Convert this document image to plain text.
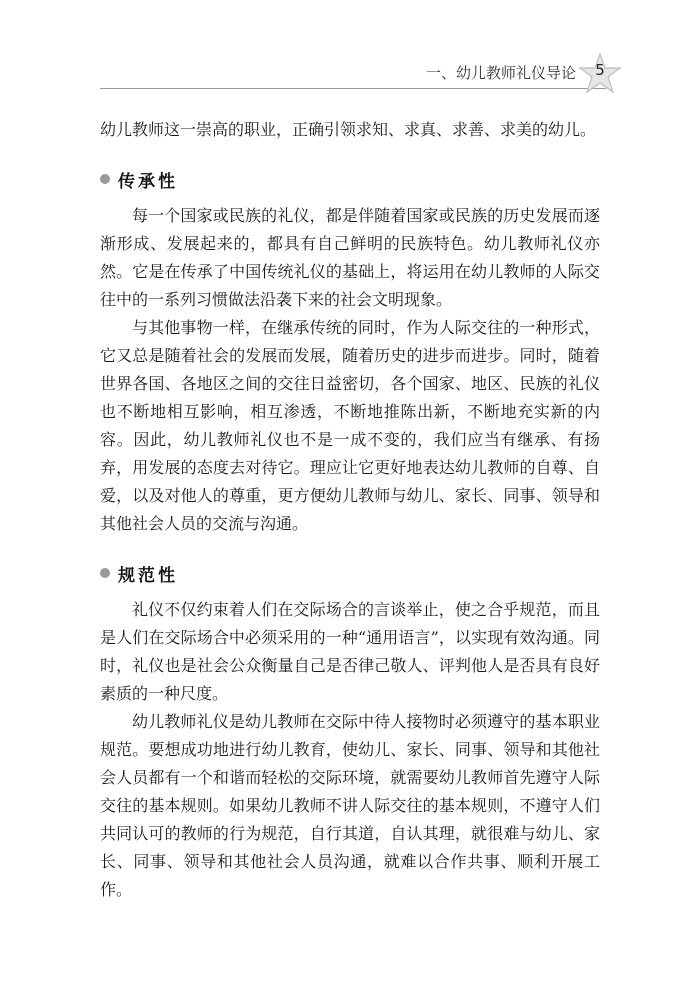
一、幼儿教师礼仪导论	5

幼儿教师这一崇高的职业，正确引领求知、求真、求善、求美的幼儿。

传承性

每一个国家或民族的礼仪，都是伴随着国家或民族的历史发展而逐渐形成、发展起来的，都具有自己鲜明的民族特色。幼儿教师礼仪亦然。它是在传承了中国传统礼仪的基础上，将运用在幼儿教师的人际交往中的一系列习惯做法沿袭下来的社会文明现象。

与其他事物一样，在继承传统的同时，作为人际交往的一种形式，它又总是随着社会的发展而发展，随着历史的进步而进步。同时，随着世界各国、各地区之间的交往日益密切，各个国家、地区、民族的礼仪也不断地相互影响，相互渗透，不断地推陈出新，不断地充实新的内容。因此，幼儿教师礼仪也不是一成不变的，我们应当有继承、有扬弃，用发展的态度去对待它。理应让它更好地表达幼儿教师的自尊、自爱，以及对他人的尊重，更方便幼儿教师与幼儿、家长、同事、领导和其他社会人员的交流与沟通。

规范性

礼仪不仅约束着人们在交际场合的言谈举止，使之合乎规范，而且是人们在交际场合中必须采用的一种“通用语言”，以实现有效沟通。同时，礼仪也是社会公众衡量自己是否律己敬人、评判他人是否具有良好素质的一种尺度。

幼儿教师礼仪是幼儿教师在交际中待人接物时必须遵守的基本职业规范。要想成功地进行幼儿教育，使幼儿、家长、同事、领导和其他社会人员都有一个和谐而轻松的交际环境，就需要幼儿教师首先遵守人际交往的基本规则。如果幼儿教师不讲人际交往的基本规则，不遵守人们共同认可的教师的行为规范，自行其道，自认其理，就很难与幼儿、家长、同事、领导和其他社会人员沟通，就难以合作共事、顺利开展工作。
